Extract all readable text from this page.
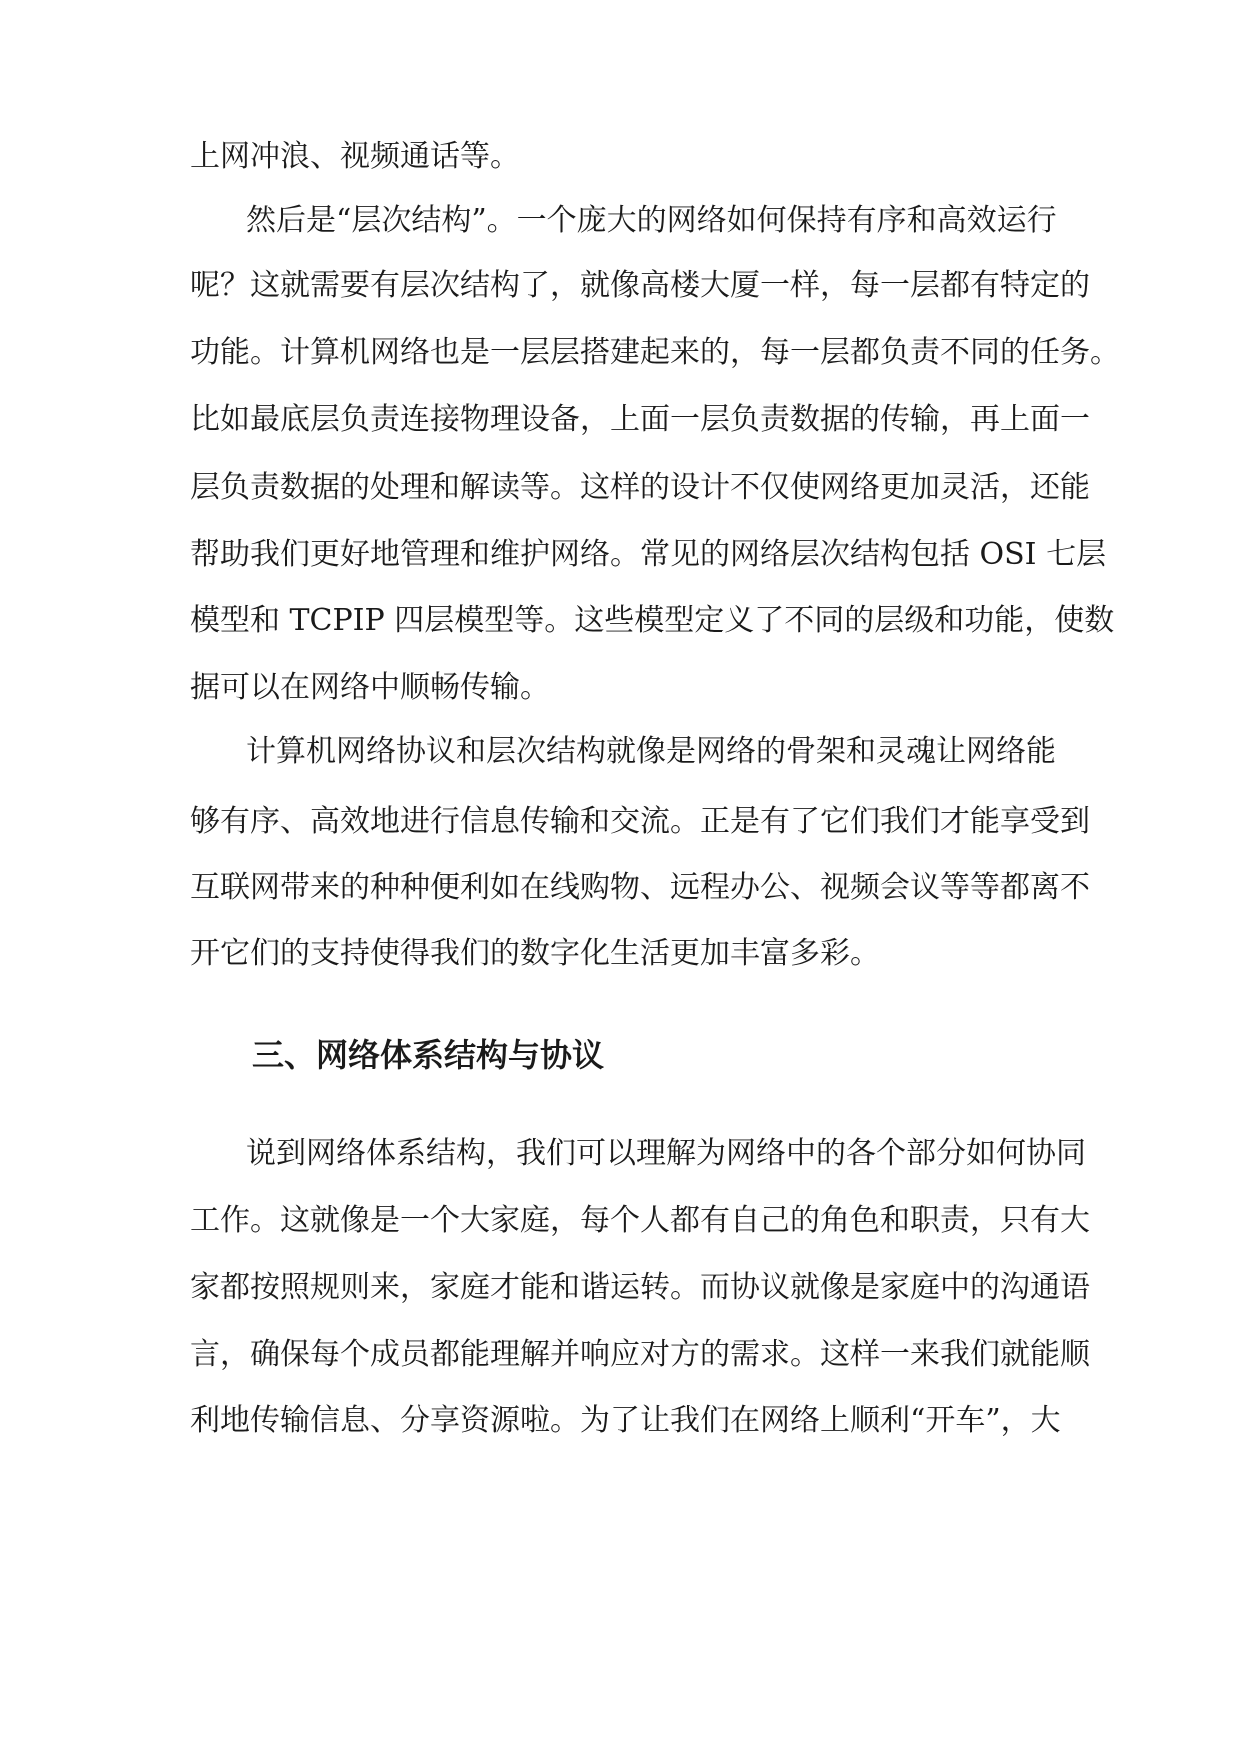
上网冲浪、视频通话等。
然后是“层次结构”。一个庞大的网络如何保持有序和高效运行
呢？这就需要有层次结构了，就像高楼大厦一样，每一层都有特定的
功能。计算机网络也是一层层搭建起来的，每一层都负责不同的任务。
比如最底层负责连接物理设备，上面一层负责数据的传输，再上面一
层负责数据的处理和解读等。这样的设计不仅使网络更加灵活，还能
帮助我们更好地管理和维护网络。常见的网络层次结构包括 OSI 七层
模型和 TCPIP 四层模型等。这些模型定义了不同的层级和功能，使数
据可以在网络中顺畅传输。
计算机网络协议和层次结构就像是网络的骨架和灵魂让网络能
够有序、高效地进行信息传输和交流。正是有了它们我们才能享受到
互联网带来的种种便利如在线购物、远程办公、视频会议等等都离不
开它们的支持使得我们的数字化生活更加丰富多彩。
三、网络体系结构与协议
说到网络体系结构，我们可以理解为网络中的各个部分如何协同
工作。这就像是一个大家庭，每个人都有自己的角色和职责，只有大
家都按照规则来，家庭才能和谐运转。而协议就像是家庭中的沟通语
言，确保每个成员都能理解并响应对方的需求。这样一来我们就能顺
利地传输信息、分享资源啦。为了让我们在网络上顺利“开车”，大
